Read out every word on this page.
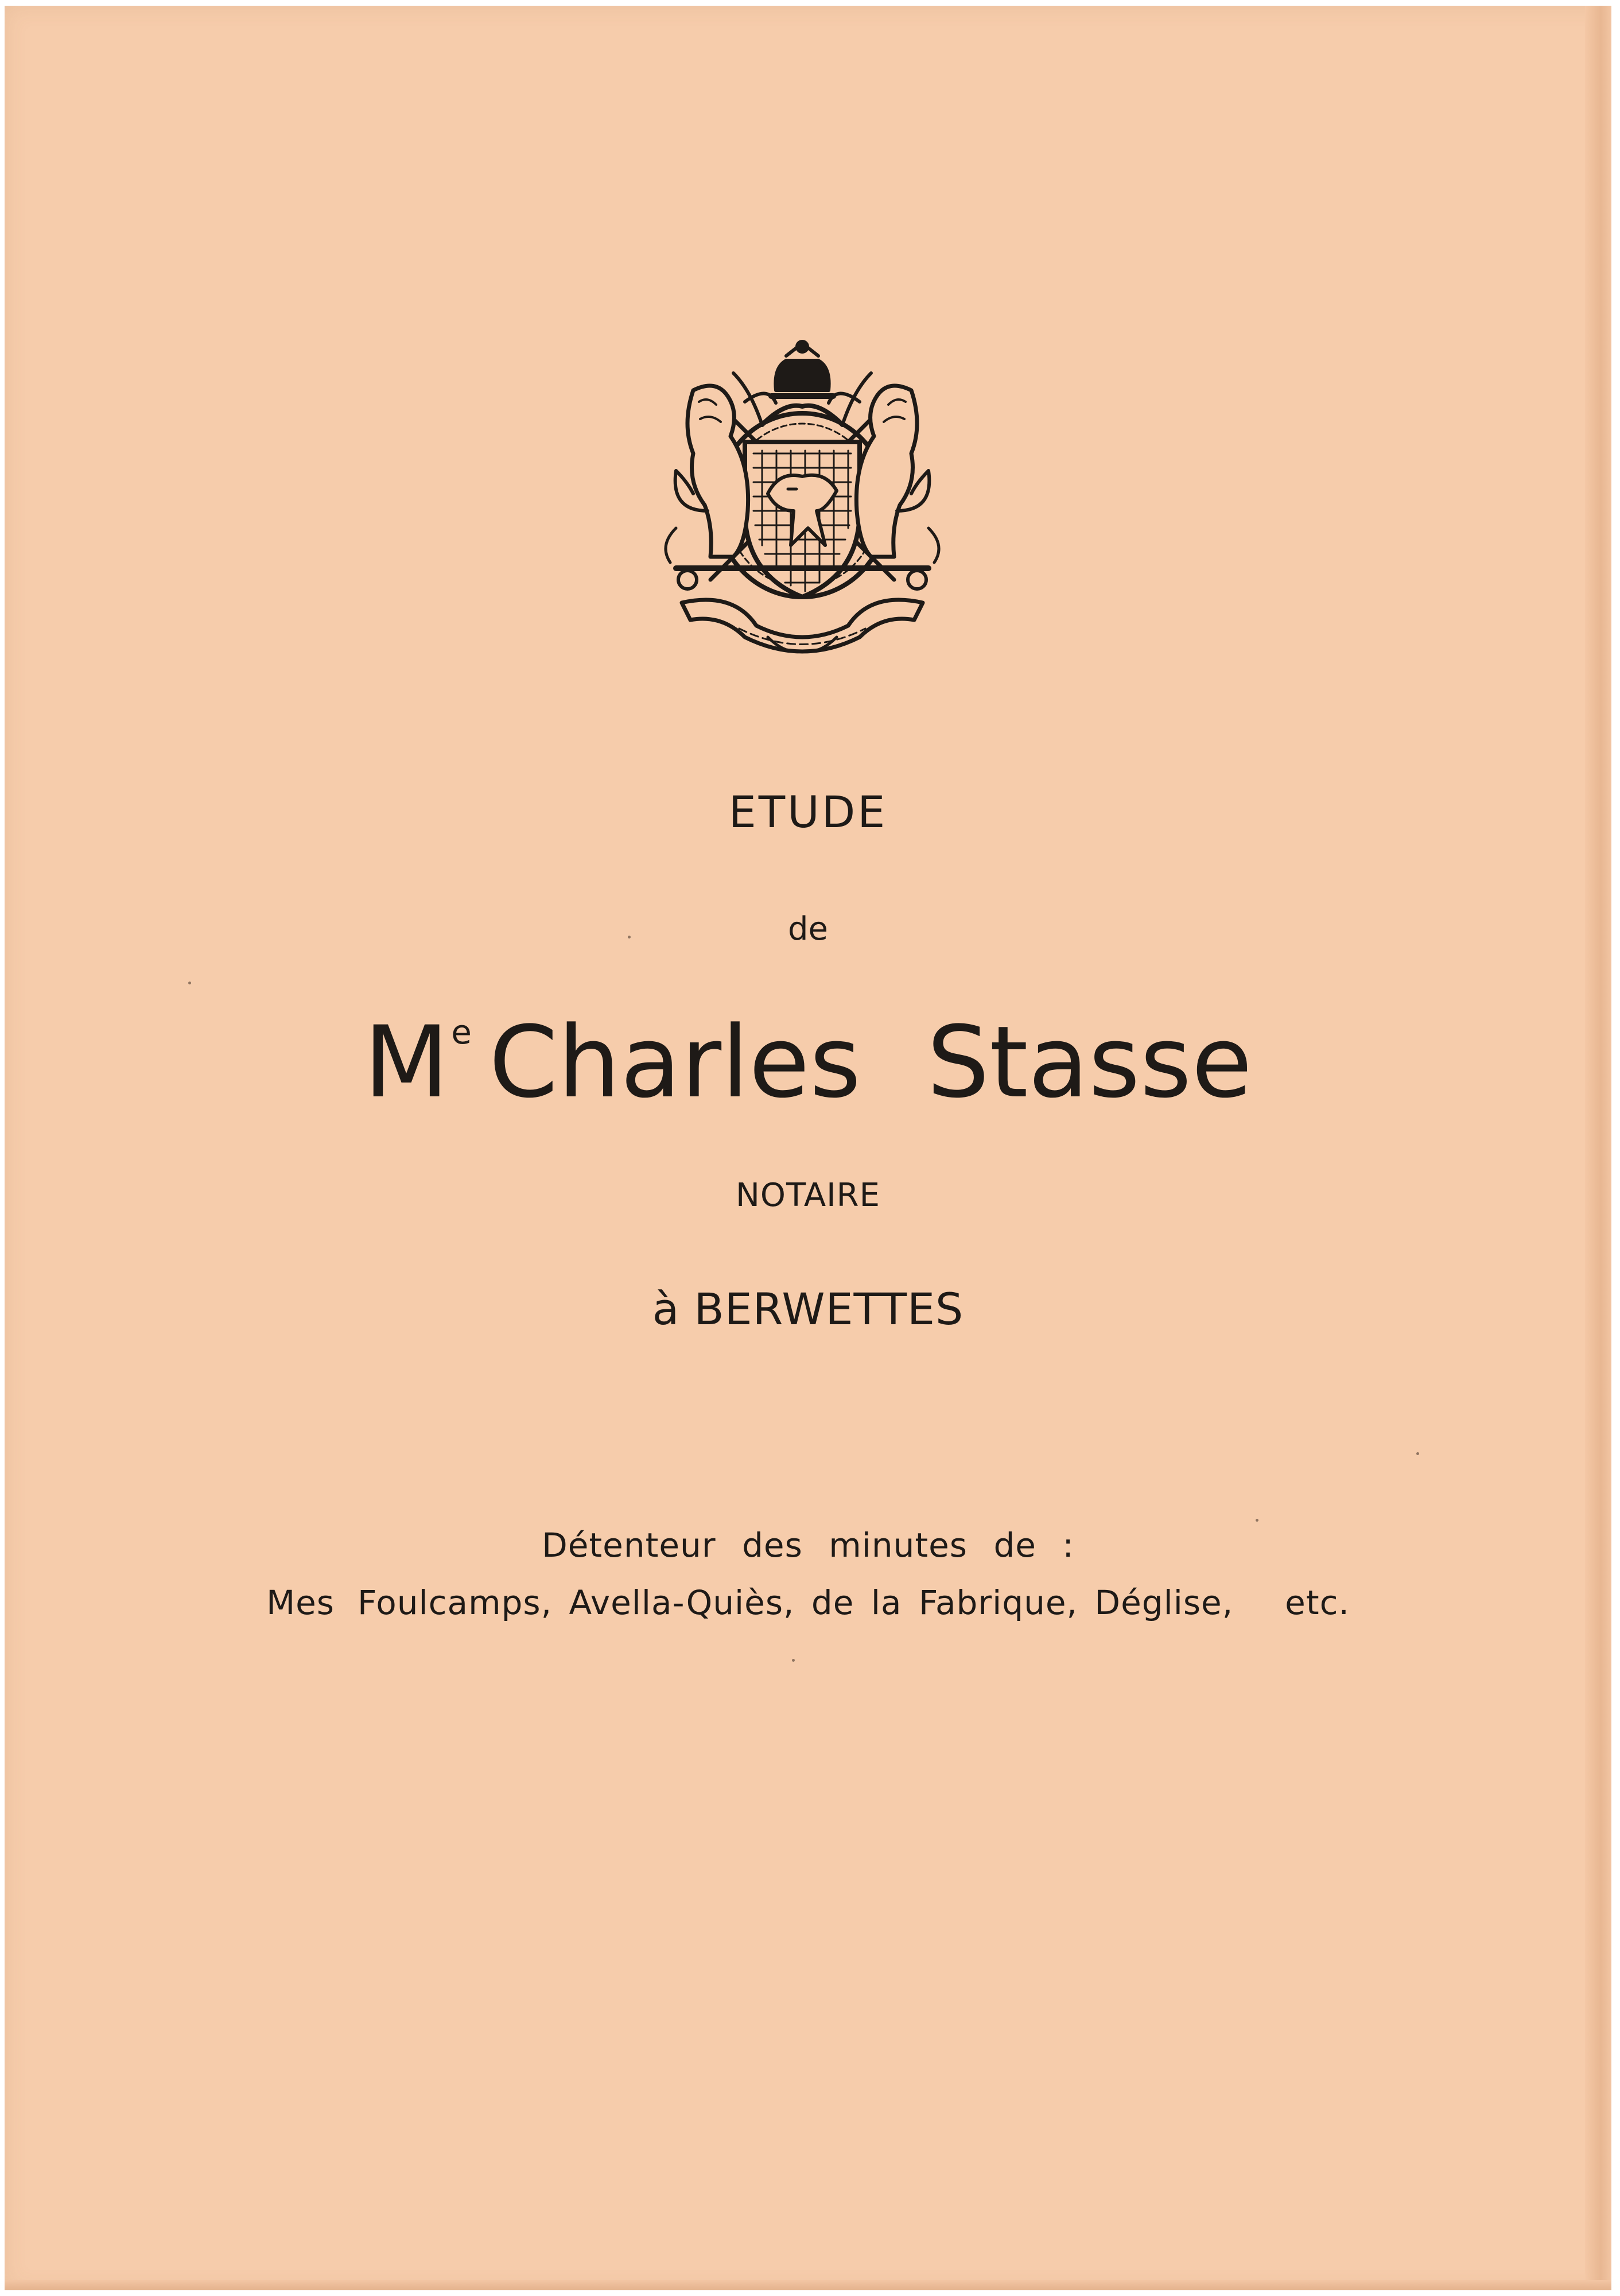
ETUDE
de
Me Charles Stasse
NOTAIRE
à BERWETTES
Détenteur des minutes de :
Mes Foulcamps, Avella-Quiès, de la Fabrique, Déglise, etc.
